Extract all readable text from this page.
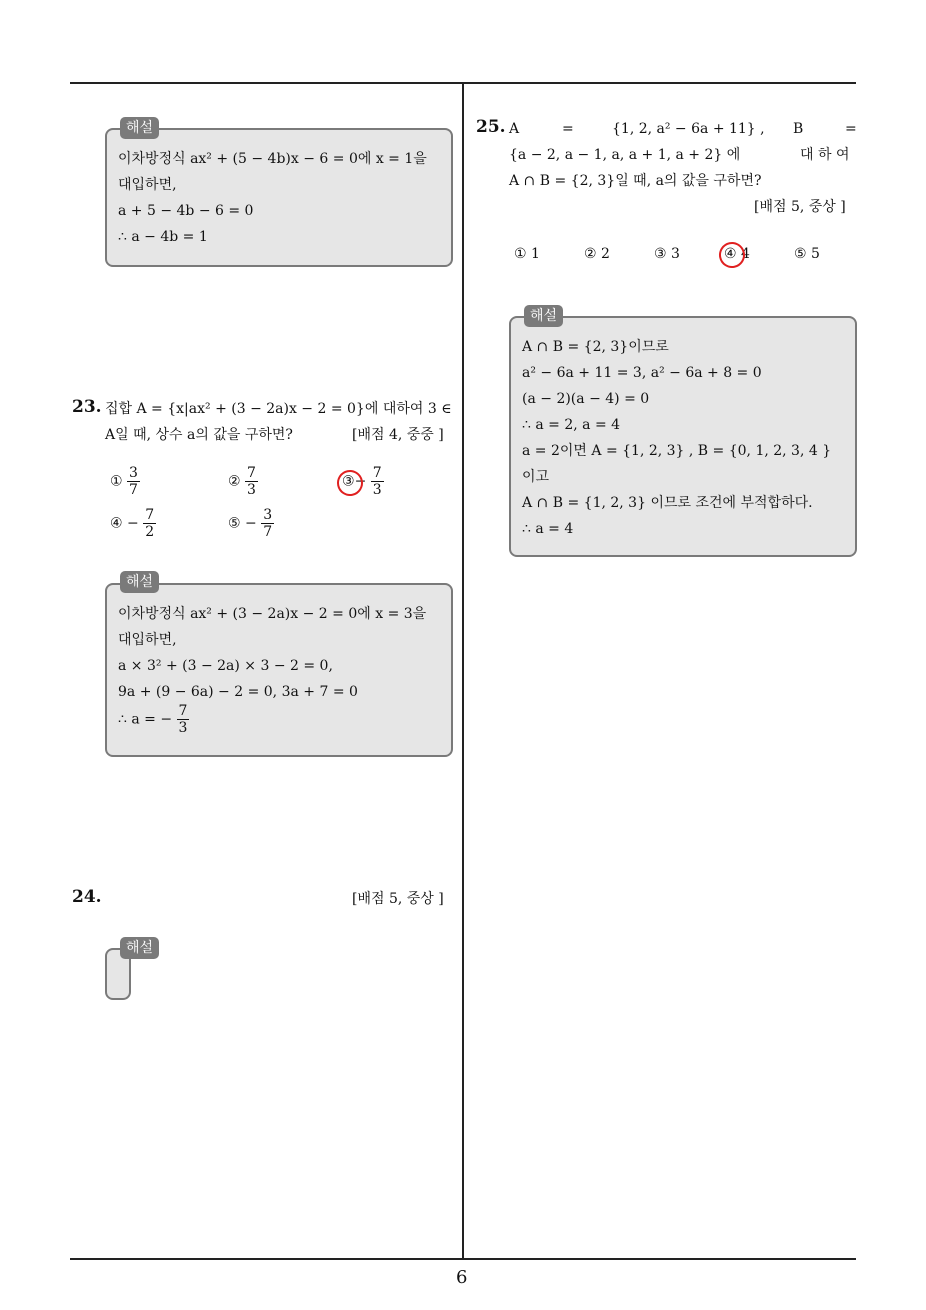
해설
이차방정식 ax² + (5 − 4b)x − 6 = 0에 x = 1을
대입하면,
a + 5 − 4b − 6 = 0
∴ a − 4b = 1
23. 집합 A = {x|ax² + (3 − 2a)x − 2 = 0}에 대하여 3 ∈
A일 때, 상수 a의 값을 구하면?	[배점 4, 중중 ]
① $\frac{3}{7}$	② $\frac{7}{3}$	③− $\frac{7}{3}$
④ − $\frac{7}{2}$	⑤ − $\frac{3}{7}$
해설
이차방정식 ax² + (3 − 2a)x − 2 = 0에 x = 3을
대입하면,
a × 3² + (3 − 2a) × 3 − 2 = 0,
9a + (9 − 6a) − 2 = 0, 3a + 7 = 0
∴ a = − $\frac{7}{3}$
24.	[배점 5, 중상 ]
해설
25. A	=	{1, 2, a² − 6a + 11} , B	=
{a − 2, a − 1, a, a + 1, a + 2} 에	대 하 여
A ∩ B = {2, 3}일 때, a의 값을 구하면?
[배점 5, 중상 ]
① 1	② 2	③ 3	④ 4	⑤ 5
해설
A ∩ B = {2, 3}이므로
a² − 6a + 11 = 3, a² − 6a + 8 = 0
(a − 2)(a − 4) = 0
∴ a = 2, a = 4
a = 2이면 A = {1, 2, 3} , B = {0, 1, 2, 3, 4 }
이고
A ∩ B = {1, 2, 3} 이므로 조건에 부적합하다.
∴ a = 4
6
